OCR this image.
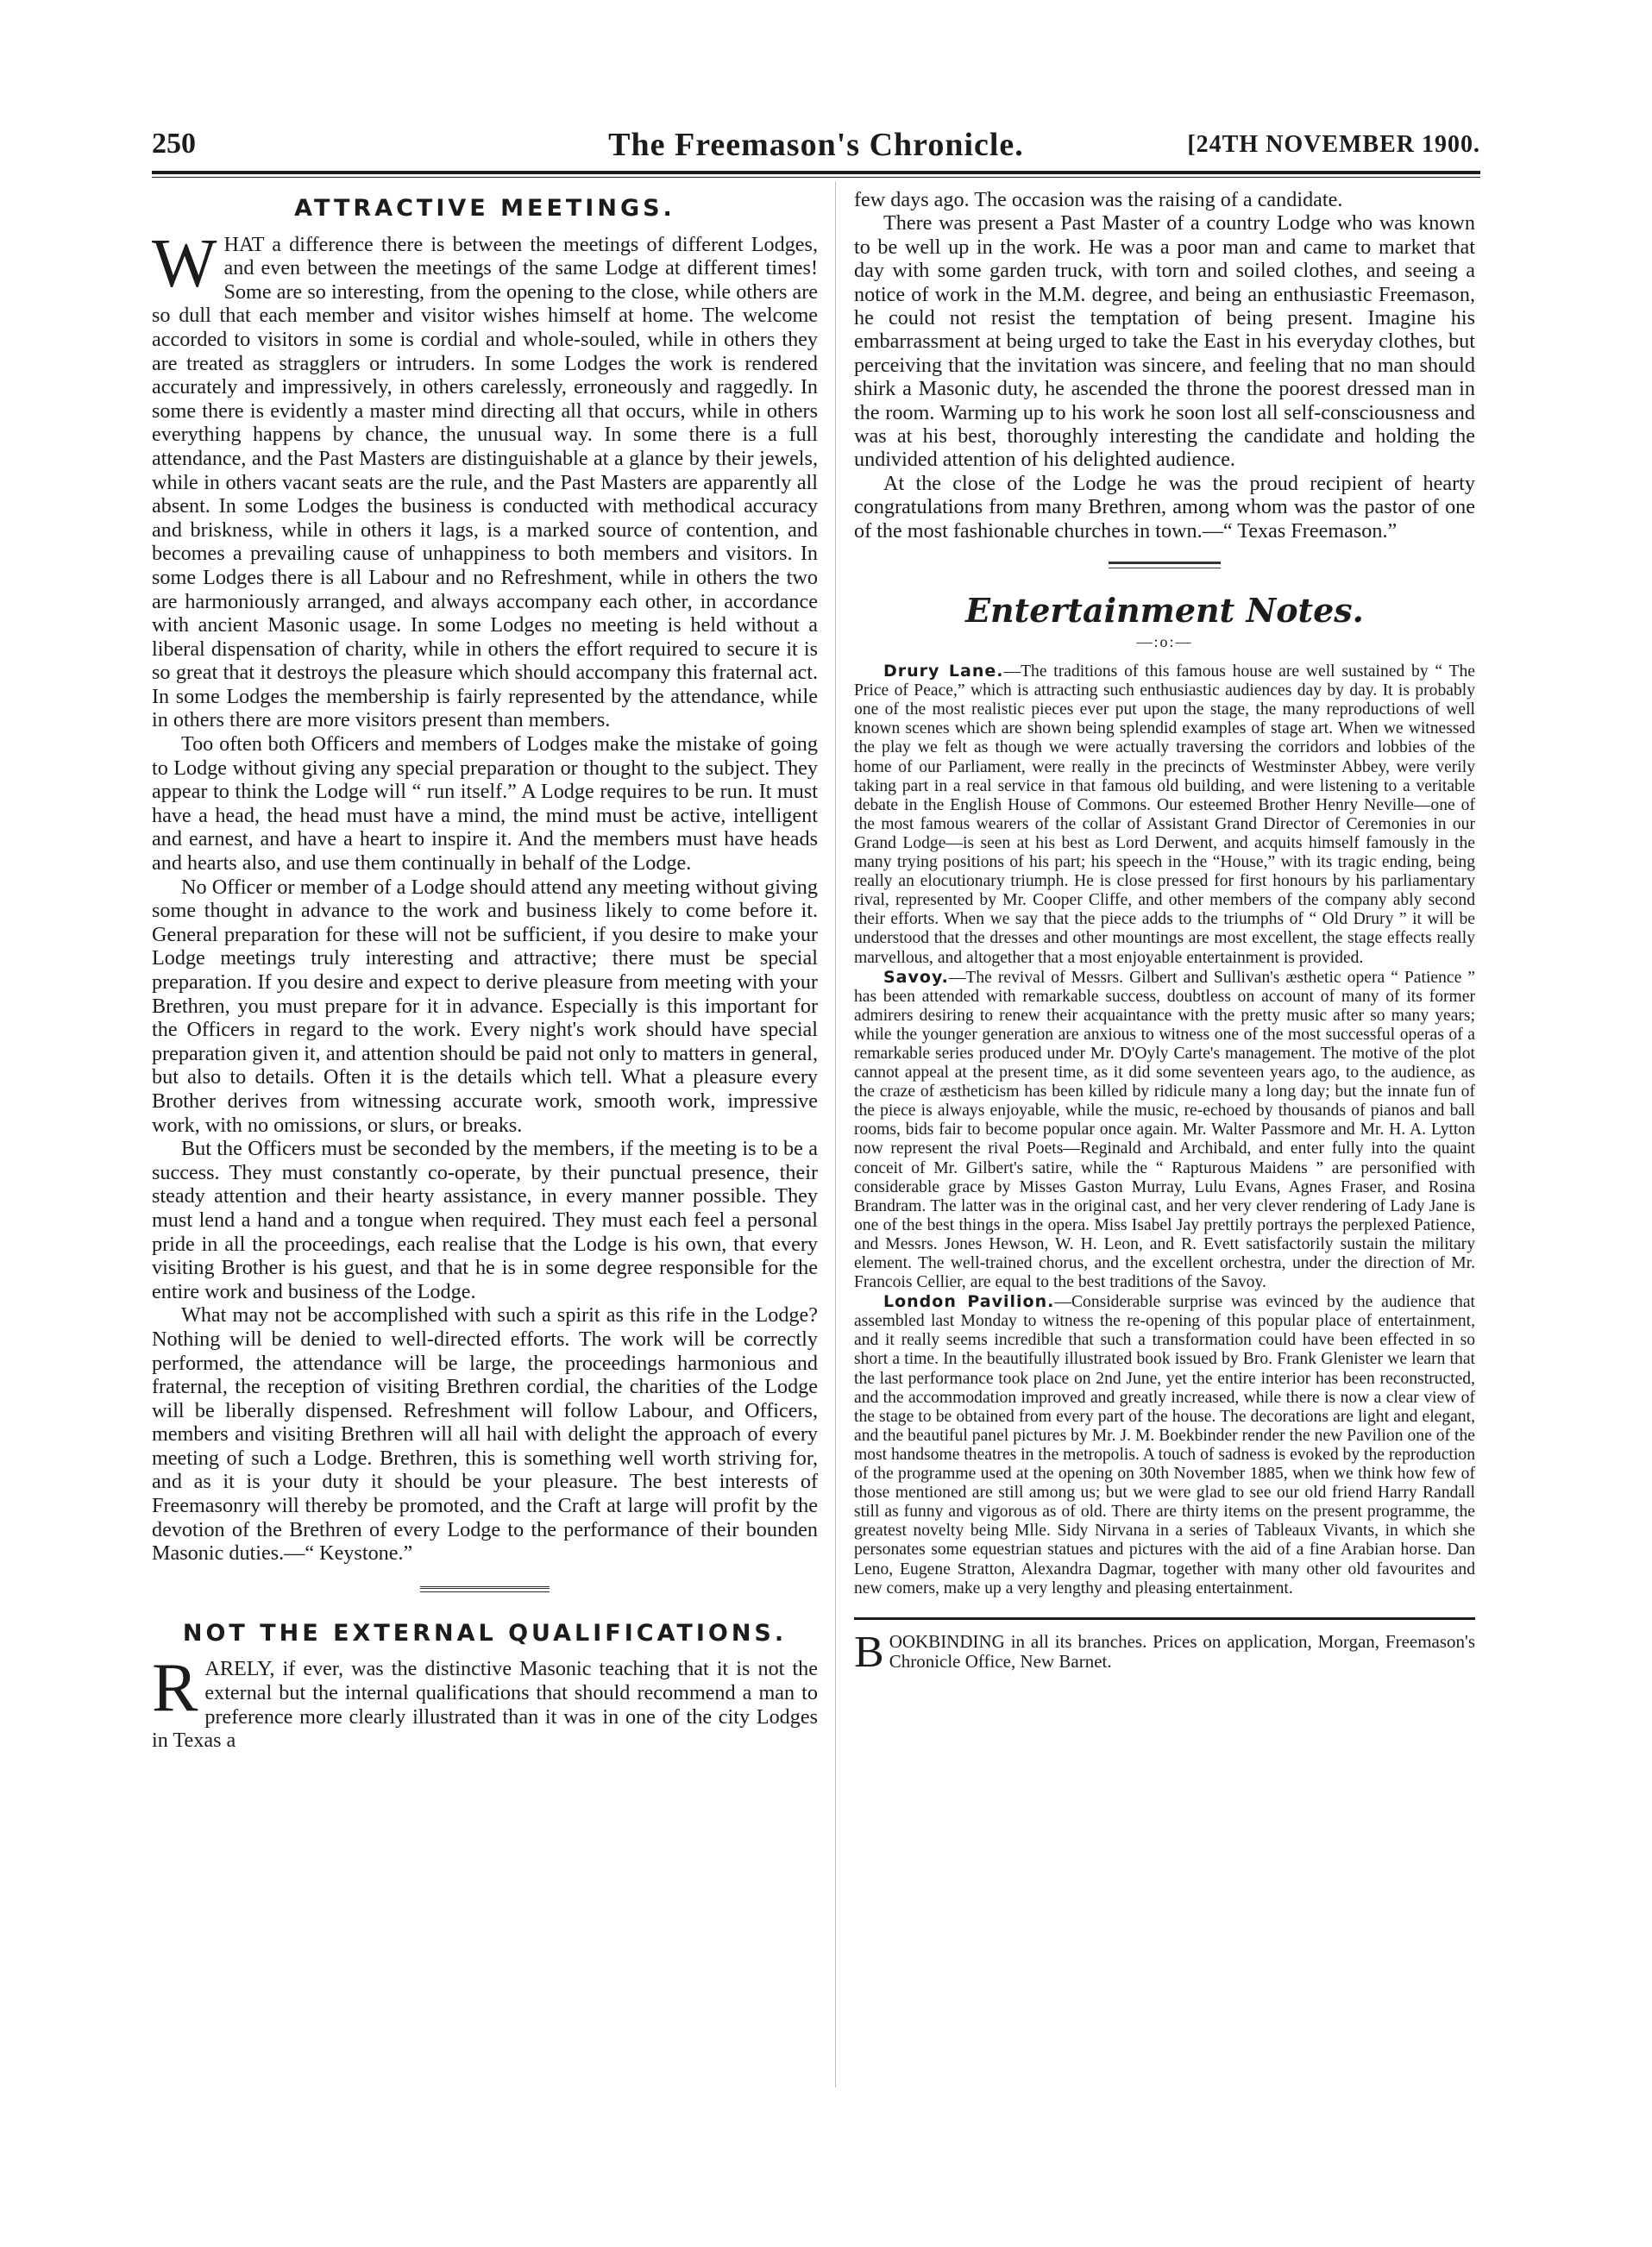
250	The Freemason's Chronicle.	[24TH NOVEMBER 1900.
ATTRACTIVE MEETINGS.

WHAT a difference there is between the meetings of different Lodges, and even between the meetings of the same Lodge at different times! Some are so interesting, from the opening to the close, while others are so dull that each member and visitor wishes himself at home. The welcome accorded to visitors in some is cordial and whole-souled, while in others they are treated as stragglers or intruders. In some Lodges the work is rendered accurately and impressively, in others carelessly, erroneously and raggedly. In some there is evidently a master mind directing all that occurs, while in others everything happens by chance, the unusual way. In some there is a full attendance, and the Past Masters are distinguishable at a glance by their jewels, while in others vacant seats are the rule, and the Past Masters are apparently all absent. In some Lodges the business is conducted with methodical accuracy and briskness, while in others it lags, is a marked source of contention, and becomes a prevailing cause of unhappiness to both members and visitors. In some Lodges there is all Labour and no Refreshment, while in others the two are harmoniously arranged, and always accompany each other, in accordance with ancient Masonic usage. In some Lodges no meeting is held without a liberal dispensation of charity, while in others the effort required to secure it is so great that it destroys the pleasure which should accompany this fraternal act. In some Lodges the membership is fairly represented by the attendance, while in others there are more visitors present than members.

Too often both Officers and members of Lodges make the mistake of going to Lodge without giving any special preparation or thought to the subject. They appear to think the Lodge will “ run itself.” A Lodge requires to be run. It must have a head, the head must have a mind, the mind must be active, intelligent and earnest, and have a heart to inspire it. And the members must have heads and hearts also, and use them continually in behalf of the Lodge.

No Officer or member of a Lodge should attend any meeting without giving some thought in advance to the work and business likely to come before it. General preparation for these will not be sufficient, if you desire to make your Lodge meetings truly interesting and attractive; there must be special preparation. If you desire and expect to derive pleasure from meeting with your Brethren, you must prepare for it in advance. Especially is this important for the Officers in regard to the work. Every night's work should have special preparation given it, and attention should be paid not only to matters in general, but also to details. Often it is the details which tell. What a pleasure every Brother derives from witnessing accurate work, smooth work, impressive work, with no omissions, or slurs, or breaks.

But the Officers must be seconded by the members, if the meeting is to be a success. They must constantly co-operate, by their punctual presence, their steady attention and their hearty assistance, in every manner possible. They must lend a hand and a tongue when required. They must each feel a personal pride in all the proceedings, each realise that the Lodge is his own, that every visiting Brother is his guest, and that he is in some degree responsible for the entire work and business of the Lodge.

What may not be accomplished with such a spirit as this rife in the Lodge? Nothing will be denied to well-directed efforts. The work will be correctly performed, the attendance will be large, the proceedings harmonious and fraternal, the reception of visiting Brethren cordial, the charities of the Lodge will be liberally dispensed. Refreshment will follow Labour, and Officers, members and visiting Brethren will all hail with delight the approach of every meeting of such a Lodge. Brethren, this is something well worth striving for, and as it is your duty it should be your pleasure. The best interests of Freemasonry will thereby be promoted, and the Craft at large will profit by the devotion of the Brethren of every Lodge to the performance of their bounden Masonic duties.—“ Keystone.”

NOT THE EXTERNAL QUALIFICATIONS.

RARELY, if ever, was the distinctive Masonic teaching that it is not the external but the internal qualifications that should recommend a man to preference more clearly illustrated than it was in one of the city Lodges in Texas a

few days ago. The occasion was the raising of a candidate.

There was present a Past Master of a country Lodge who was known to be well up in the work. He was a poor man and came to market that day with some garden truck, with torn and soiled clothes, and seeing a notice of work in the M.M. degree, and being an enthusiastic Freemason, he could not resist the temptation of being present. Imagine his embarrassment at being urged to take the East in his everyday clothes, but perceiving that the invitation was sincere, and feeling that no man should shirk a Masonic duty, he ascended the throne the poorest dressed man in the room. Warming up to his work he soon lost all self-consciousness and was at his best, thoroughly interesting the candidate and holding the undivided attention of his delighted audience.

At the close of the Lodge he was the proud recipient of hearty congratulations from many Brethren, among whom was the pastor of one of the most fashionable churches in town.—“ Texas Freemason.”

Entertainment Notes.
—:o:—

Drury Lane.—The traditions of this famous house are well sustained by “ The Price of Peace,” which is attracting such enthusiastic audiences day by day. It is probably one of the most realistic pieces ever put upon the stage, the many reproductions of well known scenes which are shown being splendid examples of stage art. When we witnessed the play we felt as though we were actually traversing the corridors and lobbies of the home of our Parliament, were really in the precincts of Westminster Abbey, were verily taking part in a real service in that famous old building, and were listening to a veritable debate in the English House of Commons. Our esteemed Brother Henry Neville—one of the most famous wearers of the collar of Assistant Grand Director of Ceremonies in our Grand Lodge—is seen at his best as Lord Derwent, and acquits himself famously in the many trying positions of his part; his speech in the “House,” with its tragic ending, being really an elocutionary triumph. He is close pressed for first honours by his parliamentary rival, represented by Mr. Cooper Cliffe, and other members of the company ably second their efforts. When we say that the piece adds to the triumphs of “ Old Drury ” it will be understood that the dresses and other mountings are most excellent, the stage effects really marvellous, and altogether that a most enjoyable entertainment is provided.

Savoy.—The revival of Messrs. Gilbert and Sullivan's æsthetic opera “ Patience ” has been attended with remarkable success, doubtless on account of many of its former admirers desiring to renew their acquaintance with the pretty music after so many years; while the younger generation are anxious to witness one of the most successful operas of a remarkable series produced under Mr. D'Oyly Carte's management. The motive of the plot cannot appeal at the present time, as it did some seventeen years ago, to the audience, as the craze of æstheticism has been killed by ridicule many a long day; but the innate fun of the piece is always enjoyable, while the music, re-echoed by thousands of pianos and ball rooms, bids fair to become popular once again. Mr. Walter Passmore and Mr. H. A. Lytton now represent the rival Poets—Reginald and Archibald, and enter fully into the quaint conceit of Mr. Gilbert's satire, while the “ Rapturous Maidens ” are personified with considerable grace by Misses Gaston Murray, Lulu Evans, Agnes Fraser, and Rosina Brandram. The latter was in the original cast, and her very clever rendering of Lady Jane is one of the best things in the opera. Miss Isabel Jay prettily portrays the perplexed Patience, and Messrs. Jones Hewson, W. H. Leon, and R. Evett satisfactorily sustain the military element. The well-trained chorus, and the excellent orchestra, under the direction of Mr. Francois Cellier, are equal to the best traditions of the Savoy.

London Pavilion.—Considerable surprise was evinced by the audience that assembled last Monday to witness the re-opening of this popular place of entertainment, and it really seems incredible that such a transformation could have been effected in so short a time. In the beautifully illustrated book issued by Bro. Frank Glenister we learn that the last performance took place on 2nd June, yet the entire interior has been reconstructed, and the accommodation improved and greatly increased, while there is now a clear view of the stage to be obtained from every part of the house. The decorations are light and elegant, and the beautiful panel pictures by Mr. J. M. Boekbinder render the new Pavilion one of the most handsome theatres in the metropolis. A touch of sadness is evoked by the reproduction of the programme used at the opening on 30th November 1885, when we think how few of those mentioned are still among us; but we were glad to see our old friend Harry Randall still as funny and vigorous as of old. There are thirty items on the present programme, the greatest novelty being Mlle. Sidy Nirvana in a series of Tableaux Vivants, in which she personates some equestrian statues and pictures with the aid of a fine Arabian horse. Dan Leno, Eugene Stratton, Alexandra Dagmar, together with many other old favourites and new comers, make up a very lengthy and pleasing entertainment.

BOOKBINDING in all its branches. Prices on application, Morgan, Freemason's Chronicle Office, New Barnet.
